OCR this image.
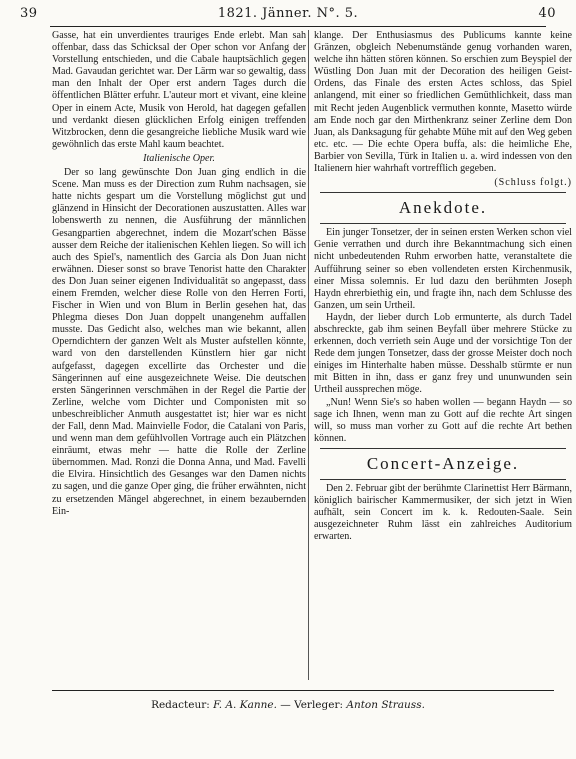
39	1821. Jänner. N°. 5.	40

Gasse, hat ein unverdientes trauriges Ende erlebt. Man sah offenbar, dass das Schicksal der Oper schon vor Anfang der Vorstellung entschieden, und die Cabale hauptsächlich gegen Mad. Gavaudan gerichtet war. Der Lärm war so gewaltig, dass man den Inhalt der Oper erst andern Tages durch die öffentlichen Blätter erfuhr. L'auteur mort et vivant, eine kleine Oper in einem Acte, Musik von Herold, hat dagegen gefallen und verdankt diesen glücklichen Erfolg einigen treffenden Witzbrocken, denn die gesangreiche liebliche Musik ward wie gewöhnlich das erste Mahl kaum beachtet.

Italienische Oper.

Der so lang gewünschte Don Juan ging endlich in die Scene. Man muss es der Direction zum Ruhm nachsagen, sie hatte nichts gespart um die Vorstellung möglichst gut und glänzend in Hinsicht der Decorationen auszustatten. Alles war lobenswerth zu nennen, die Ausführung der männlichen Gesangpartien abgerechnet, indem die Mozart'schen Bässe ausser dem Reiche der italienischen Kehlen liegen. So will ich auch des Spiel's, namentlich des Garcia als Don Juan nicht erwähnen. Dieser sonst so brave Tenorist hatte den Charakter des Don Juan seiner eigenen Individualität so angepasst, dass einem Fremden, welcher diese Rolle von den Herren Forti, Fischer in Wien und von Blum in Berlin gesehen hat, das Phlegma dieses Don Juan doppelt unangenehm auffallen musste. Das Gedicht also, welches man wie bekannt, allen Operndichtern der ganzen Welt als Muster aufstellen könnte, ward von den darstellenden Künstlern hier gar nicht aufgefasst, dagegen excellirte das Orchester und die Sängerinnen auf eine ausgezeichnete Weise. Die deutschen ersten Sängerinnen verschmähen in der Regel die Partie der Zerline, welche vom Dichter und Componisten mit so unbeschreiblicher Anmuth ausgestattet ist; hier war es nicht der Fall, denn Mad. Mainvielle Fodor, die Catalani von Paris, und wenn man dem gefühlvollen Vortrage auch ein Plätzchen einräumt, etwas mehr — hatte die Rolle der Zerline übernommen. Mad. Ronzi die Donna Anna, und Mad. Favelli die Elvira. Hinsichtlich des Gesanges war den Damen nichts zu sagen, und die ganze Oper ging, die früher erwähnten, nicht zu ersetzenden Mängel abgerechnet, in einem bezaubernden Ein-

klange. Der Enthusiasmus des Publicums kannte keine Gränzen, obgleich Nebenumstände genug vorhanden waren, welche ihn hätten stören können. So erschien zum Beyspiel der Wüstling Don Juan mit der Decoration des heiligen Geist-Ordens, das Finale des ersten Actes schloss, das Spiel anlangend, mit einer so friedlichen Gemüthlichkeit, dass man mit Recht jeden Augenblick vermuthen konnte, Masetto würde am Ende noch gar den Mirthenkranz seiner Zerline dem Don Juan, als Danksagung für gehabte Mühe mit auf den Weg geben etc. etc. — Die echte Opera buffa, als: die heimliche Ehe, Barbier von Sevilla, Türk in Italien u. a. wird indessen von den Italienern hier wahrhaft vortrefflich gegeben.

(Schluss folgt.)

Anekdote.

Ein junger Tonsetzer, der in seinen ersten Werken schon viel Genie verrathen und durch ihre Bekanntmachung sich einen nicht unbedeutenden Ruhm erworben hatte, veranstaltete die Aufführung seiner so eben vollendeten ersten Kirchenmusik, einer Missa solemnis. Er lud dazu den berühmten Joseph Haydn ehrerbiethig ein, und fragte ihn, nach dem Schlusse des Ganzen, um sein Urtheil.

Haydn, der lieber durch Lob ermunterte, als durch Tadel abschreckte, gab ihm seinen Beyfall über mehrere Stücke zu erkennen, doch verrieth sein Auge und der vorsichtige Ton der Rede dem jungen Tonsetzer, dass der grosse Meister doch noch einiges im Hinterhalte haben müsse. Desshalb stürmte er nun mit Bitten in ihn, dass er ganz frey und ununwunden sein Urtheil aussprechen möge.

„Nun! Wenn Sie's so haben wollen — begann Haydn — so sage ich Ihnen, wenn man zu Gott auf die rechte Art singen will, so muss man vorher zu Gott auf die rechte Art bethen können.

Concert-Anzeige.

Den 2. Februar gibt der berühmte Clarinettist Herr Bärmann, königlich bairischer Kammermusiker, der sich jetzt in Wien aufhält, sein Concert im k. k. Redouten-Saale. Sein ausgezeichneter Ruhm lässt ein zahlreiches Auditorium erwarten.

Redacteur: F. A. Kanne. — Verleger: Anton Strauss.
